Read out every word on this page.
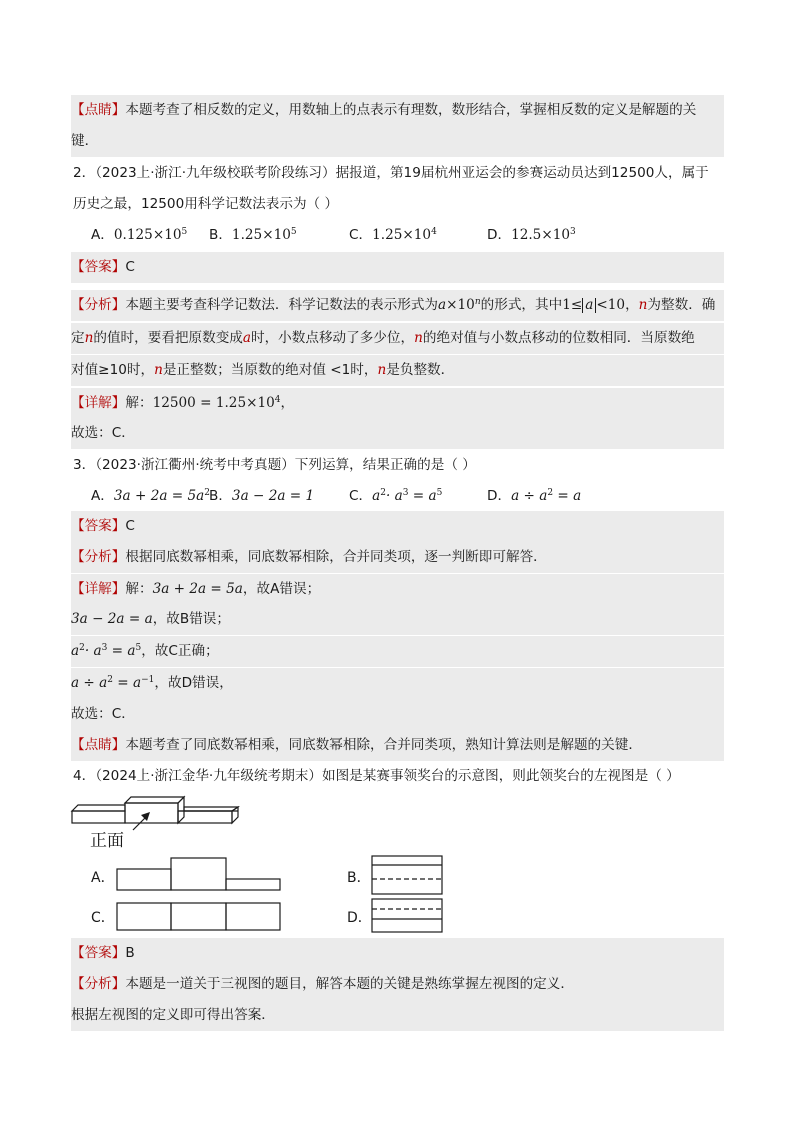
【点睛】本题考查了相反数的定义，用数轴上的点表示有理数，数形结合，掌握相反数的定义是解题的关
键．
2．（2023上·浙江·九年级校联考阶段练习）据报道，第19届杭州亚运会的参赛运动员达到12500人，属于
历史之最，12500用科学记数法表示为（ ）
A．$0.125\times 10^5$ B．$1.25\times 10^5$	C．$1.25\times 10^4$	D．$12.5\times 10^3$
【答案】C
【分析】本题主要考查科学记数法．科学记数法的表示形式为$a\times 10^n$的形式，其中1≤ a <10，n为整数．确
定n的值时，要看把原数变成a时，小数点移动了多少位，n的绝对值与小数点移动的位数相同．当原数绝
对值≥10时，n是正整数；当原数的绝对值 <1时，n是负整数．
【详解】解：$12500 = 1.25\times 10^4$，
故选：C．
3．（2023·浙江衢州·统考中考真题）下列运算，结果正确的是（ ）
A．$3a + 2a = 5a^2$ B．3a − 2a = 1	C．$a^2\cdot a^3 = a^5$	D．$a \div a^2 = a$
【答案】C
【分析】根据同底数幂相乘，同底数幂相除，合并同类项，逐一判断即可解答．
【详解】解：3a + 2a = 5a，故A错误；
3a − 2a = a，故B错误；
$a^2\cdot a^3 = a^5$，故C正确；
$a \div a^2 = a^{-1}$，故D错误，
故选：C．
【点睛】本题考查了同底数幂相乘，同底数幂相除，合并同类项，熟知计算法则是解题的关键．
4．（2024上·浙江金华·九年级统考期末）如图是某赛事领奖台的示意图，则此领奖台的左视图是（ ）
正面
A．	B．
C．	D．
【答案】B
【分析】本题是一道关于三视图的题目，解答本题的关键是熟练掌握左视图的定义．
根据左视图的定义即可得出答案．
